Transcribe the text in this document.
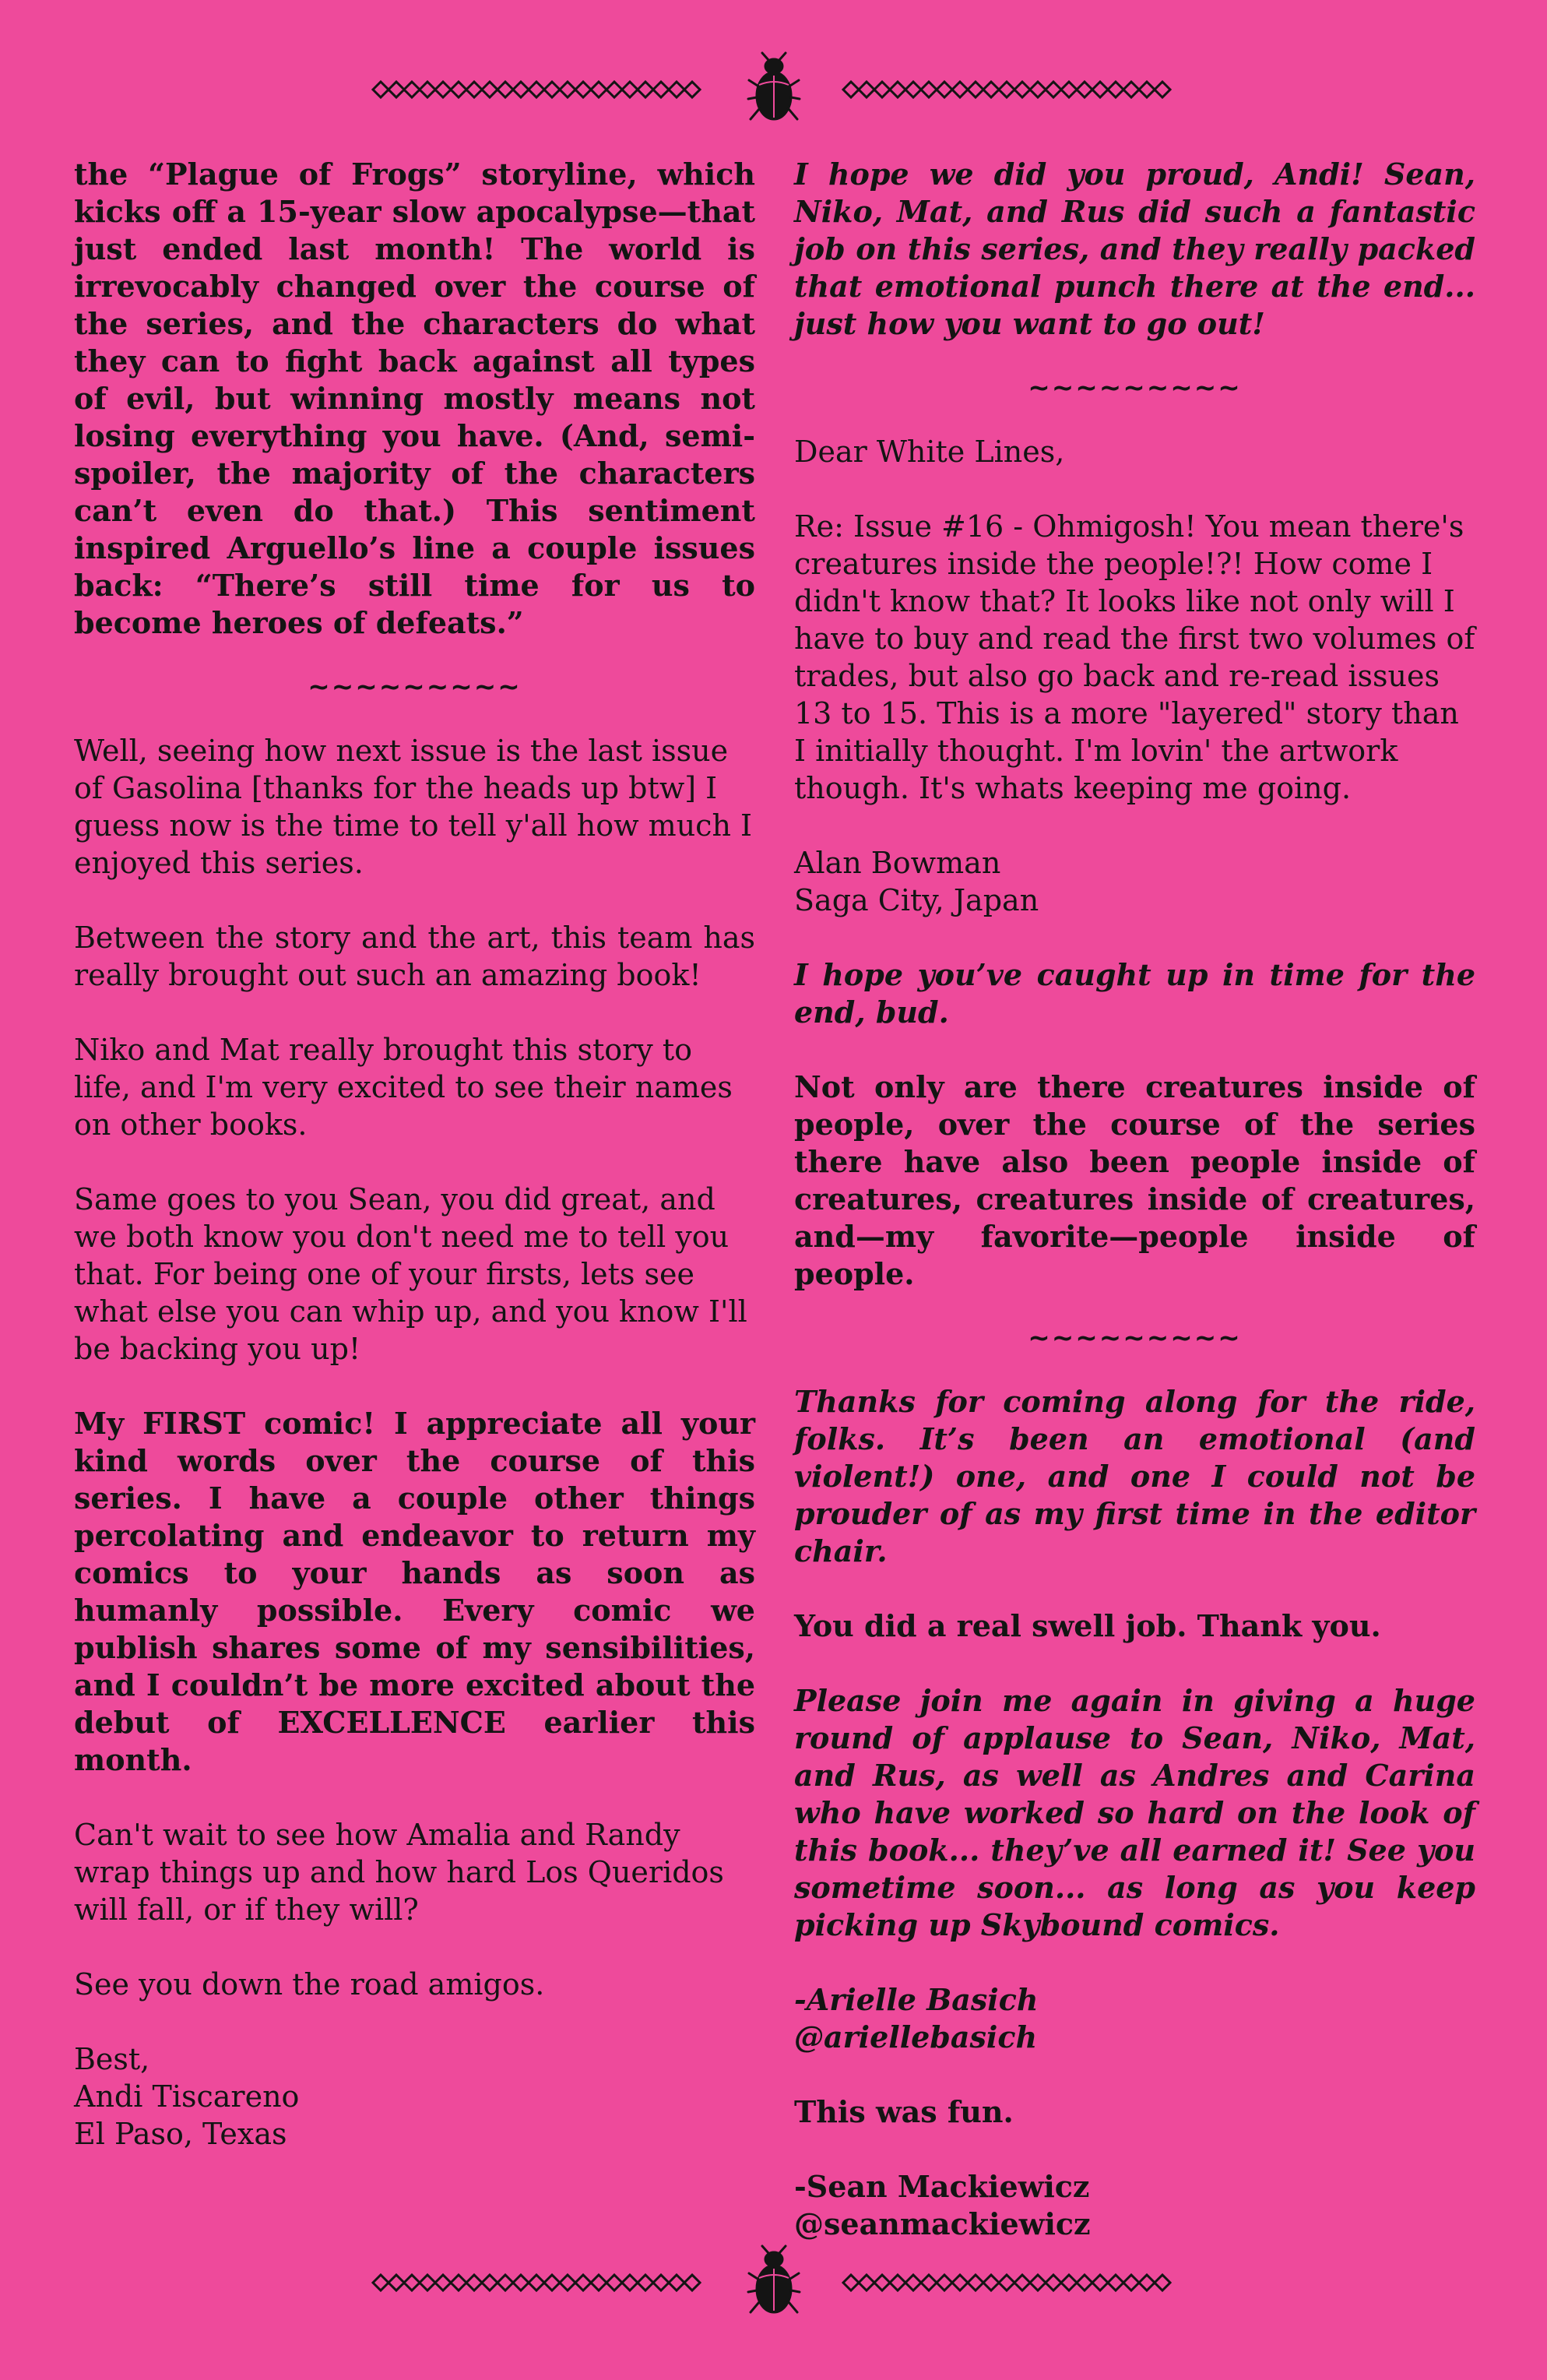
the “Plague of Frogs” storyline, which kicks off a 15-year slow apocalypse—that just ended last month! The world is irrevocably changed over the course of the series, and the characters do what they can to fight back against all types of evil, but winning mostly means not losing everything you have. (And, semi-spoiler, the majority of the characters can’t even do that.) This sentiment inspired Arguello’s line a couple issues back: “There’s still time for us to become heroes of defeats.”

~~~~~~~~~

Well, seeing how next issue is the last issue of Gasolina [thanks for the heads up btw] I guess now is the time to tell y'all how much I enjoyed this series.

Between the story and the art, this team has really brought out such an amazing book!

Niko and Mat really brought this story to life, and I'm very excited to see their names on other books.

Same goes to you Sean, you did great, and we both know you don't need me to tell you that. For being one of your firsts, lets see what else you can whip up, and you know I'll be backing you up!

My FIRST comic! I appreciate all your kind words over the course of this series. I have a couple other things percolating and endeavor to return my comics to your hands as soon as humanly possible. Every comic we publish shares some of my sensibilities, and I couldn’t be more excited about the debut of EXCELLENCE earlier this month.

Can't wait to see how Amalia and Randy wrap things up and how hard Los Queridos will fall, or if they will?

See you down the road amigos.

Best,
Andi Tiscareno
El Paso, Texas

I hope we did you proud, Andi! Sean, Niko, Mat, and Rus did such a fantastic job on this series, and they really packed that emotional punch there at the end... just how you want to go out!

~~~~~~~~~

Dear White Lines,

Re: Issue #16 - Ohmigosh! You mean there's creatures inside the people!?! How come I didn't know that? It looks like not only will I have to buy and read the first two volumes of trades, but also go back and re-read issues 13 to 15. This is a more "layered" story than I initially thought. I'm lovin' the artwork though. It's whats keeping me going.

Alan Bowman
Saga City, Japan

I hope you’ve caught up in time for the end, bud.

Not only are there creatures inside of people, over the course of the series there have also been people inside of creatures, creatures inside of creatures, and—my favorite—people inside of people.

~~~~~~~~~

Thanks for coming along for the ride, folks. It’s been an emotional (and violent!) one, and one I could not be prouder of as my first time in the editor chair.

You did a real swell job. Thank you.

Please join me again in giving a huge round of applause to Sean, Niko, Mat, and Rus, as well as Andres and Carina who have worked so hard on the look of this book... they’ve all earned it! See you sometime soon... as long as you keep picking up Skybound comics.

-Arielle Basich
@ariellebasich

This was fun.

-Sean Mackiewicz
@seanmackiewicz
